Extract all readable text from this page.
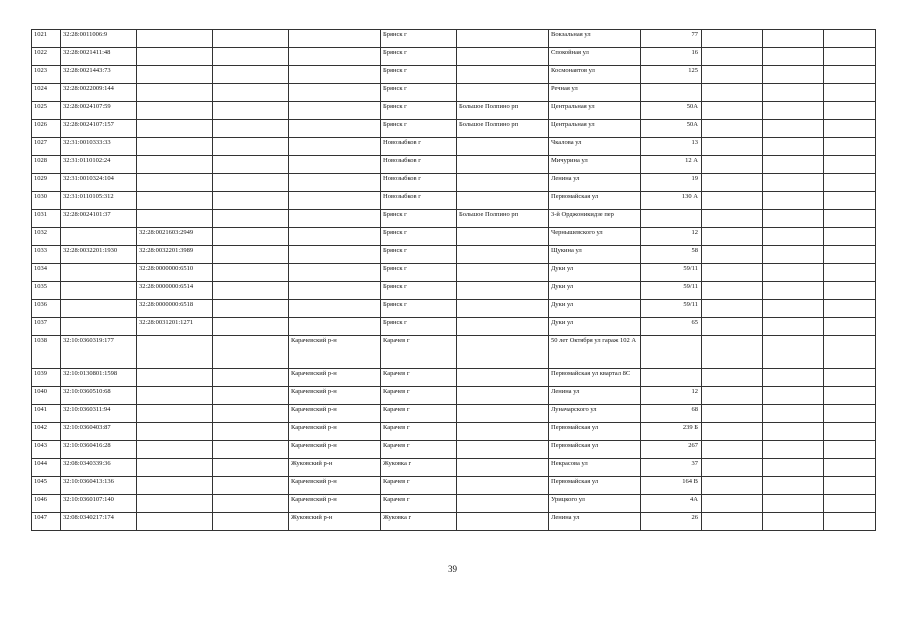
1021	32:28:0011006:9				Брянск г		Вокзальная ул	77			
1022	32:28:0021411:48				Брянск г		Спокойная ул	16			
1023	32:28:0021443:73				Брянск г		Космонавтов ул	125			
1024	32:28:0022009:144				Брянск г		Речная ул				
1025	32:28:0024107:59				Брянск г	Большое Полпино рп	Центральная ул	50А			
1026	32:28:0024107:157				Брянск г	Большое Полпино рп	Центральная ул	50А			
1027	32:31:0010333:33				Новозыбков г		Чкалова ул	13			
1028	32:31:0110102:24				Новозыбков г		Мичурина ул	12 А			
1029	32:31:0010324:104				Новозыбков г		Ленина ул	19			
1030	32:31:0110105:312				Новозыбков г		Первомайская ул	130 А			
1031	32:28:0024101:37				Брянск г	Большое Полпино рп	3-й Орджоникидзе пер				
1032		32:28:0021603:2949			Брянск г		Чернышевского ул	12			
1033	32:28:0032201:1930	32:28:0032201:3989			Брянск г		Щукина ул	58			
1034		32:28:0000000:6510			Брянск г		Дуки ул	59/11			
1035		32:28:0000000:6514			Брянск г		Дуки ул	59/11			
1036		32:28:0000000:6518			Брянск г		Дуки ул	59/11			
1037		32:28:0031201:1271			Брянск г		Дуки ул	65			
1038	32:10:0360319:177			Карачевский р-н	Карачев г		50 лет Октября ул гараж 102 А				
1039	32:10:0130801:1598			Карачевский р-н	Карачев г		Первомайская ул квартал 8С				
1040	32:10:0360510:68			Карачевский р-н	Карачев г		Ленина ул	12			
1041	32:10:0360311:94			Карачевский р-н	Карачев г		Луначарского ул	68			
1042	32:10:0360403:87			Карачевский р-н	Карачев г		Первомайская ул	239 Б			
1043	32:10:0360416:28			Карачевский р-н	Карачев г		Первомайская ул	267			
1044	32:08:0340339:36			Жуковский р-н	Жуковка г		Некрасова ул	37			
1045	32:10:0360413:136			Карачевский р-н	Карачев г		Первомайская ул	164 В			
1046	32:10:0360107:140			Карачевский р-н	Карачев г		Урицкого ул	4А			
1047	32:08:0340217:174			Жуковский р-н	Жуковка г		Ленина ул	26			
39
